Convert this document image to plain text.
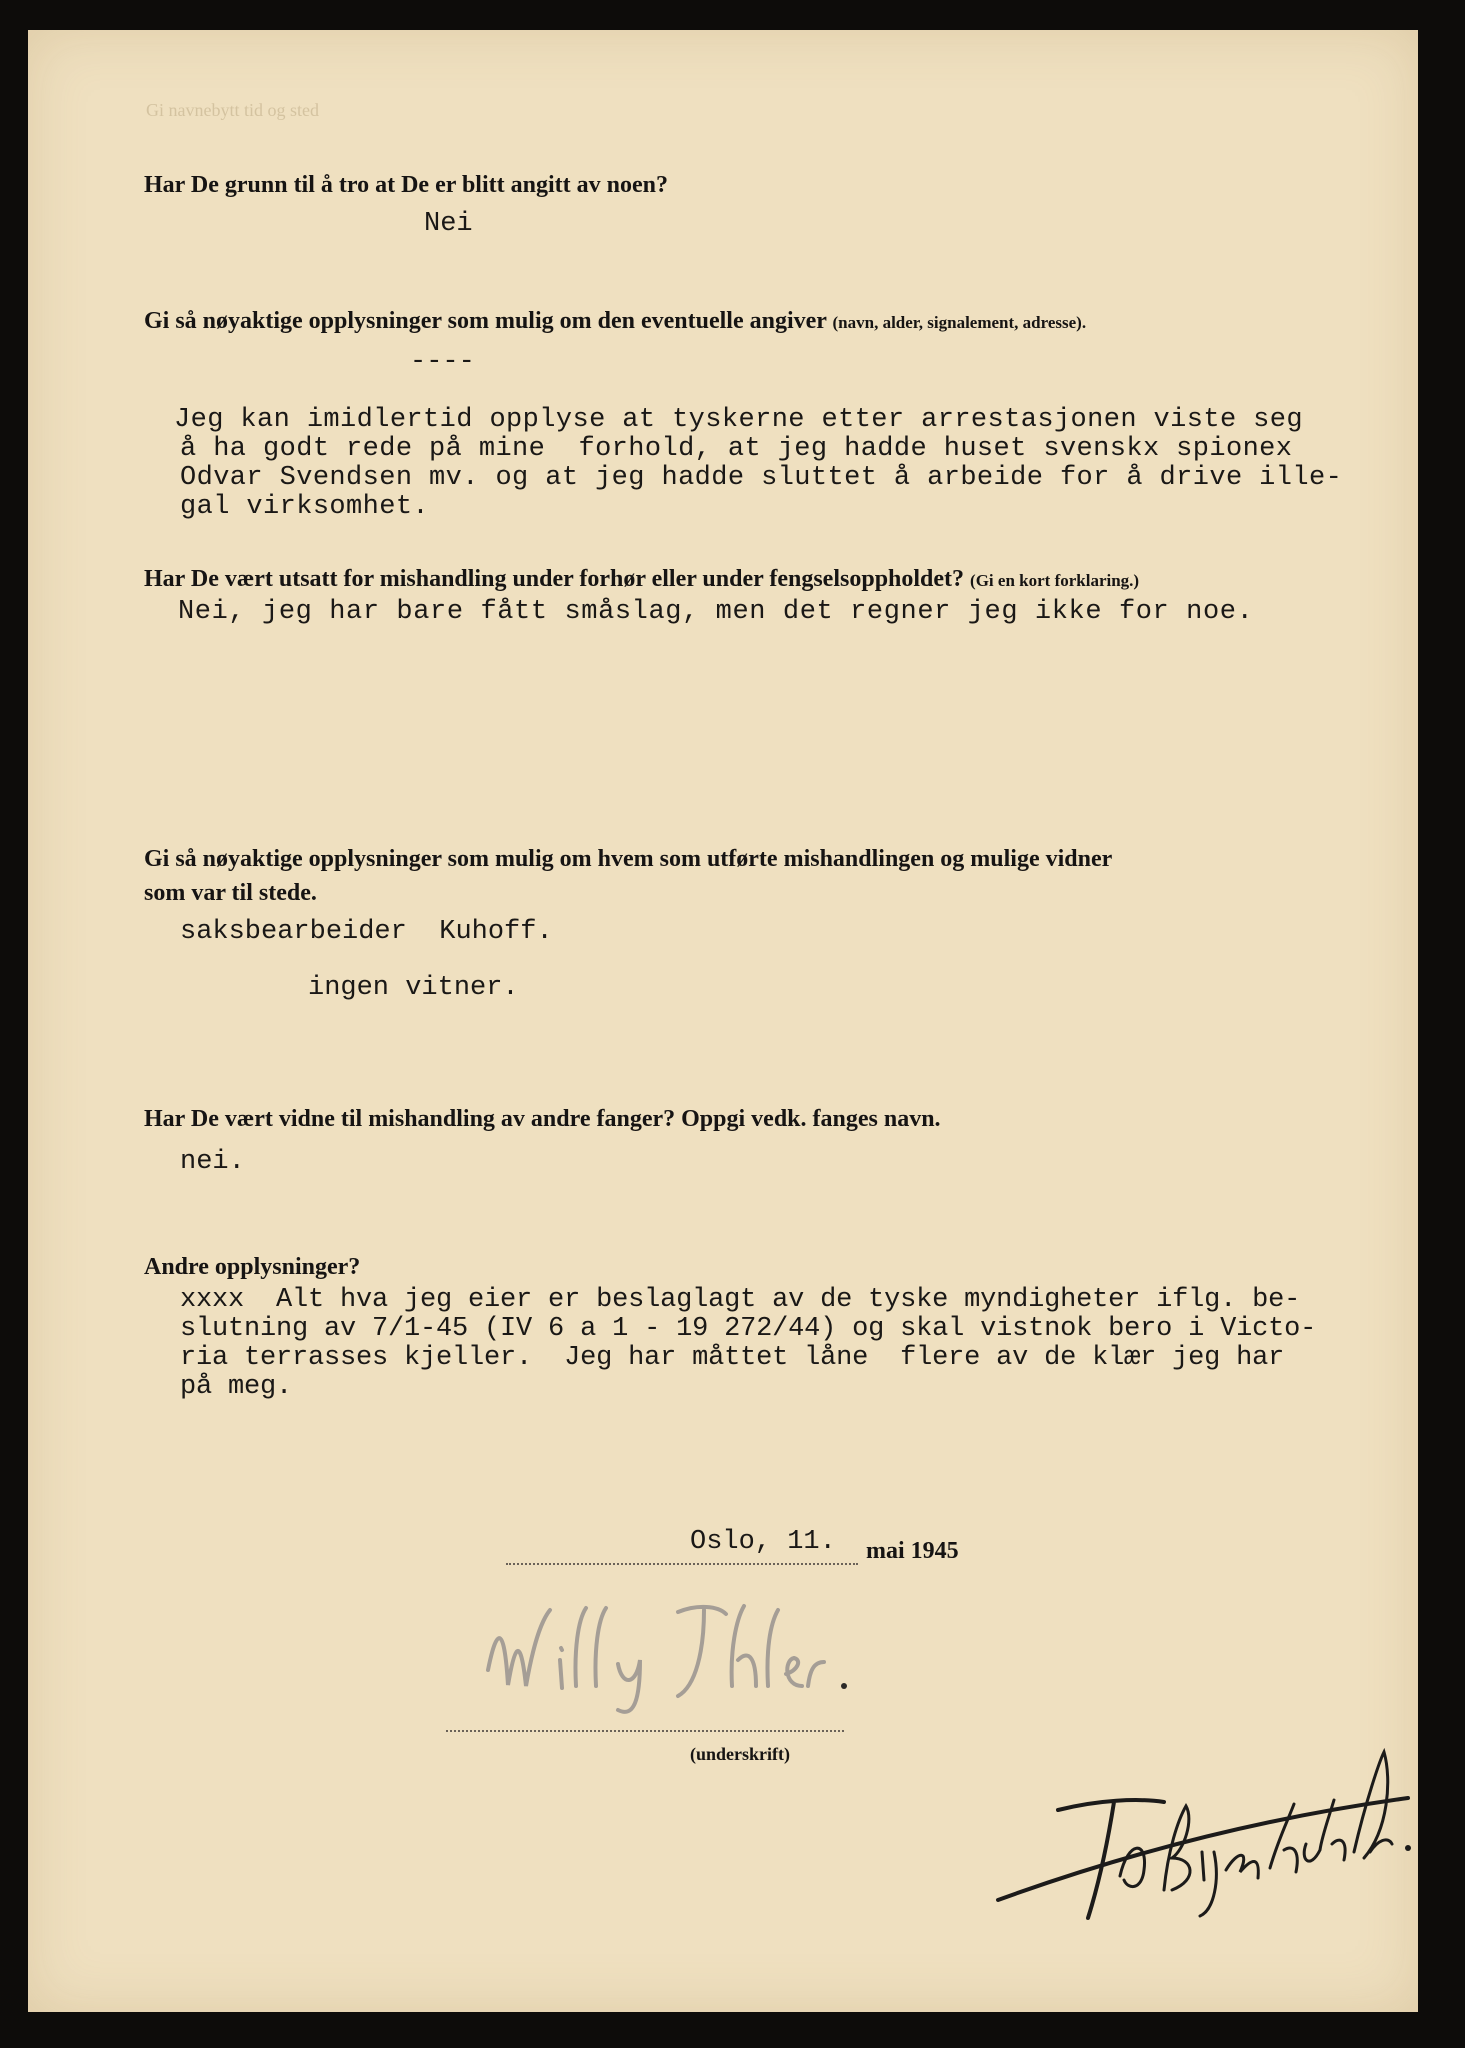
Gi navnebytt tid og sted
Har De grunn til å tro at De er blitt angitt av noen?
Nei
Gi så nøyaktige opplysninger som mulig om den eventuelle angiver (navn, alder, signalement, adresse).
----
Jeg kan imidlertid opplyse at tyskerne etter arrestasjonen viste seg
å ha godt rede på mine  forhold, at jeg hadde huset svenskx spionex
Odvar Svendsen mv. og at jeg hadde sluttet å arbeide for å drive ille-
gal virksomhet.
Har De vært utsatt for mishandling under forhør eller under fengselsoppholdet? (Gi en kort forklaring.)
Nei, jeg har bare fått småslag, men det regner jeg ikke for noe.
Gi så nøyaktige opplysninger som mulig om hvem som utførte mishandlingen og mulige vidner
som var til stede.
saksbearbeider  Kuhoff.
ingen vitner.
Har De vært vidne til mishandling av andre fanger? Oppgi vedk. fanges navn.
nei.
Andre opplysninger?
xxxx  Alt hva jeg eier er beslaglagt av de tyske myndigheter iflg. be-
slutning av 7/1-45 (IV 6 a 1 - 19 272/44) og skal vistnok bero i Victo-
ria terrasses kjeller.  Jeg har måttet låne  flere av de klær jeg har
på meg.
Oslo, 11. mai 1945
(underskrift)
